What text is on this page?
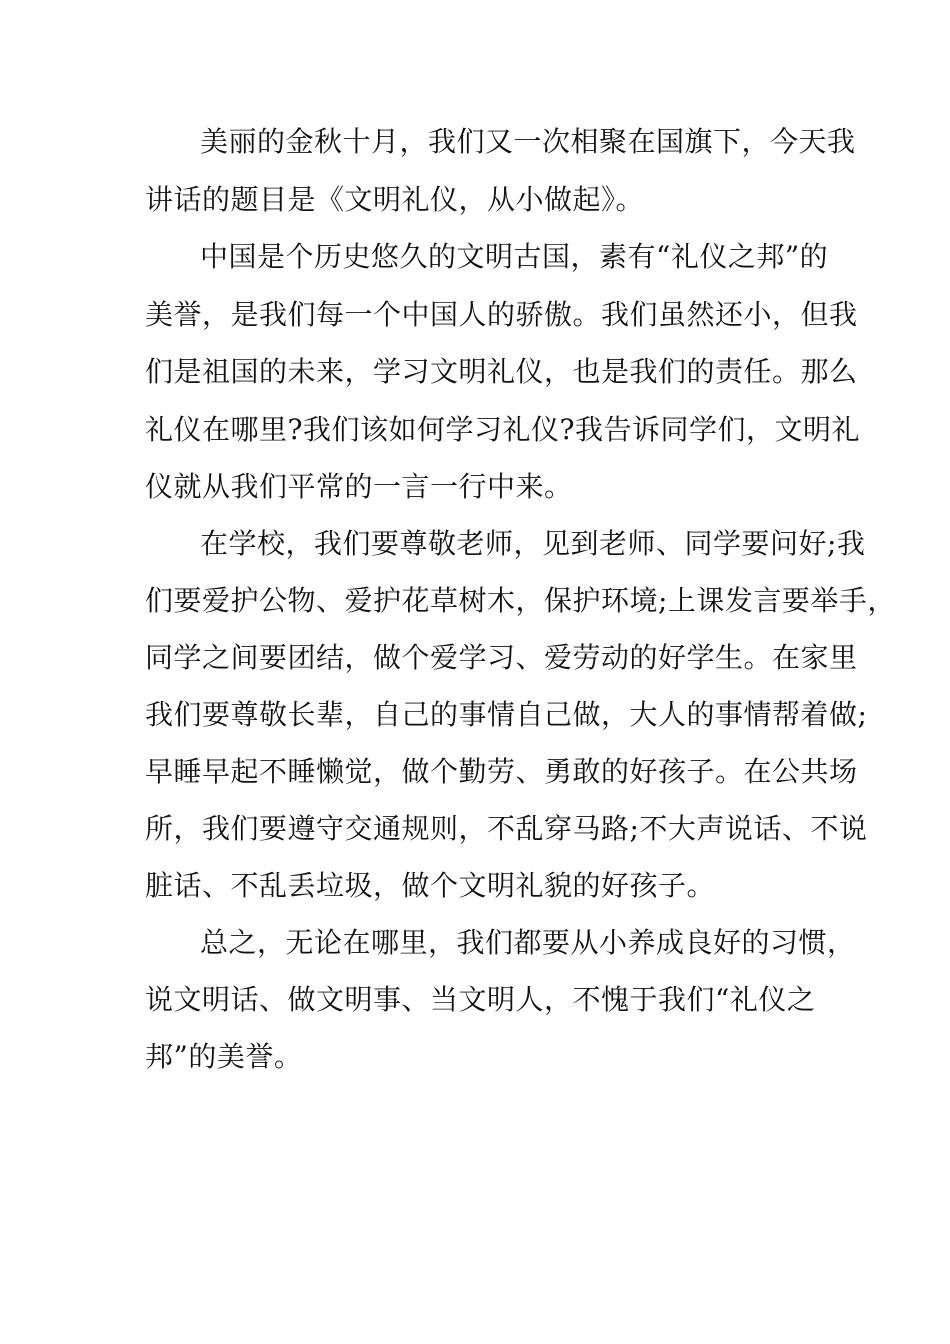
美丽的金秋十月，我们又一次相聚在国旗下，今天我
讲话的题目是《文明礼仪，从小做起》。
中国是个历史悠久的文明古国，素有“礼仪之邦”的
美誉，是我们每一个中国人的骄傲。我们虽然还小，但我
们是祖国的未来，学习文明礼仪，也是我们的责任。那么
礼仪在哪里?我们该如何学习礼仪?我告诉同学们，文明礼
仪就从我们平常的一言一行中来。
在学校，我们要尊敬老师，见到老师、同学要问好;我
们要爱护公物、爱护花草树木，保护环境;上课发言要举手，
同学之间要团结，做个爱学习、爱劳动的好学生。在家里
我们要尊敬长辈，自己的事情自己做，大人的事情帮着做;
早睡早起不睡懒觉，做个勤劳、勇敢的好孩子。在公共场
所，我们要遵守交通规则，不乱穿马路;不大声说话、不说
脏话、不乱丢垃圾，做个文明礼貌的好孩子。
总之，无论在哪里，我们都要从小养成良好的习惯，
说文明话、做文明事、当文明人，不愧于我们“礼仪之
邦”的美誉。
